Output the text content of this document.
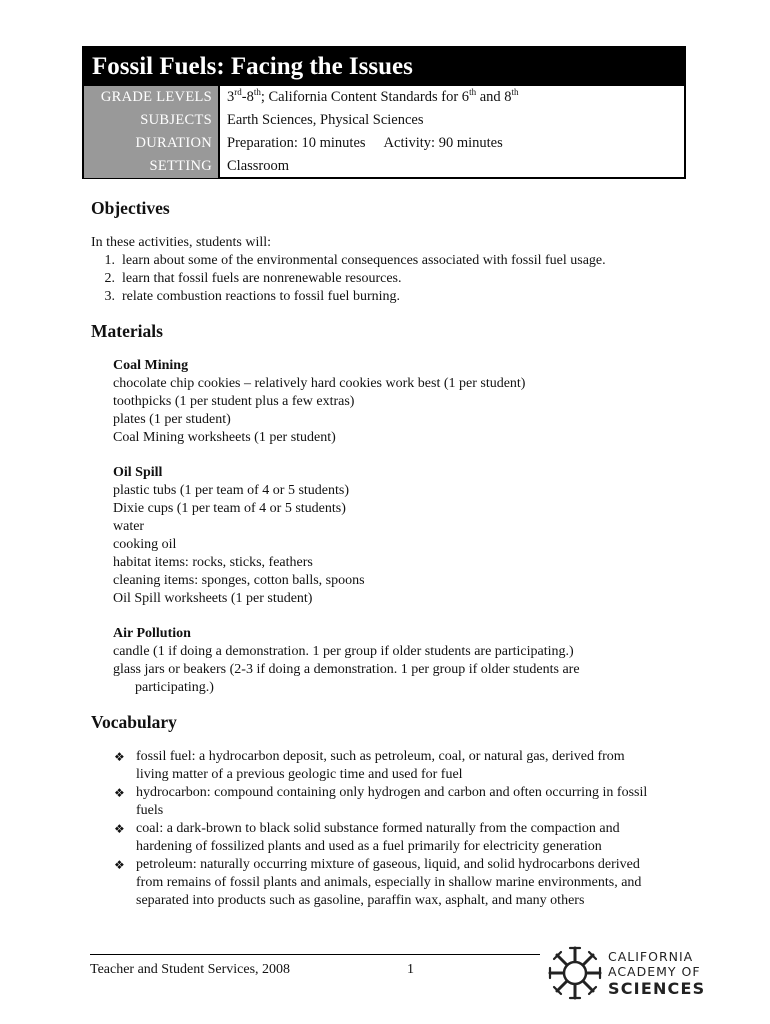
Fossil Fuels: Facing the Issues
GRADE LEVELS	3rd-8th; California Content Standards for 6th and 8th
SUBJECTS	Earth Sciences, Physical Sciences
DURATION	Preparation: 10 minutes Activity: 90 minutes
SETTING	Classroom
Objectives

In these activities, students will:

1. learn about some of the environmental consequences associated with fossil fuel usage.
2. learn that fossil fuels are nonrenewable resources.
3. relate combustion reactions to fossil fuel burning.
Materials

Coal Mining

chocolate chip cookies – relatively hard cookies work best (1 per student)

toothpicks (1 per student plus a few extras)

plates (1 per student)

Coal Mining worksheets (1 per student)

Oil Spill

plastic tubs (1 per team of 4 or 5 students)

Dixie cups (1 per team of 4 or 5 students)

water

cooking oil

habitat items: rocks, sticks, feathers

cleaning items: sponges, cotton balls, spoons

Oil Spill worksheets (1 per student)

Air Pollution

candle (1 if doing a demonstration. 1 per group if older students are participating.)

glass jars or beakers (2-3 if doing a demonstration. 1 per group if older students are participating.)

Vocabulary
❖ fossil fuel: a hydrocarbon deposit, such as petroleum, coal, or natural gas, derived from living matter of a previous geologic time and used for fuel
❖ hydrocarbon: compound containing only hydrogen and carbon and often occurring in fossil fuels
❖ coal: a dark-brown to black solid substance formed naturally from the compaction and hardening of fossilized plants and used as a fuel primarily for electricity generation
❖ petroleum: naturally occurring mixture of gaseous, liquid, and solid hydrocarbons derived from remains of fossil plants and animals, especially in shallow marine environments, and separated into products such as gasoline, paraffin wax, asphalt, and many others
Teacher and Student Services, 2008	1
CALIFORNIA
ACADEMY OF
SCIENCES
